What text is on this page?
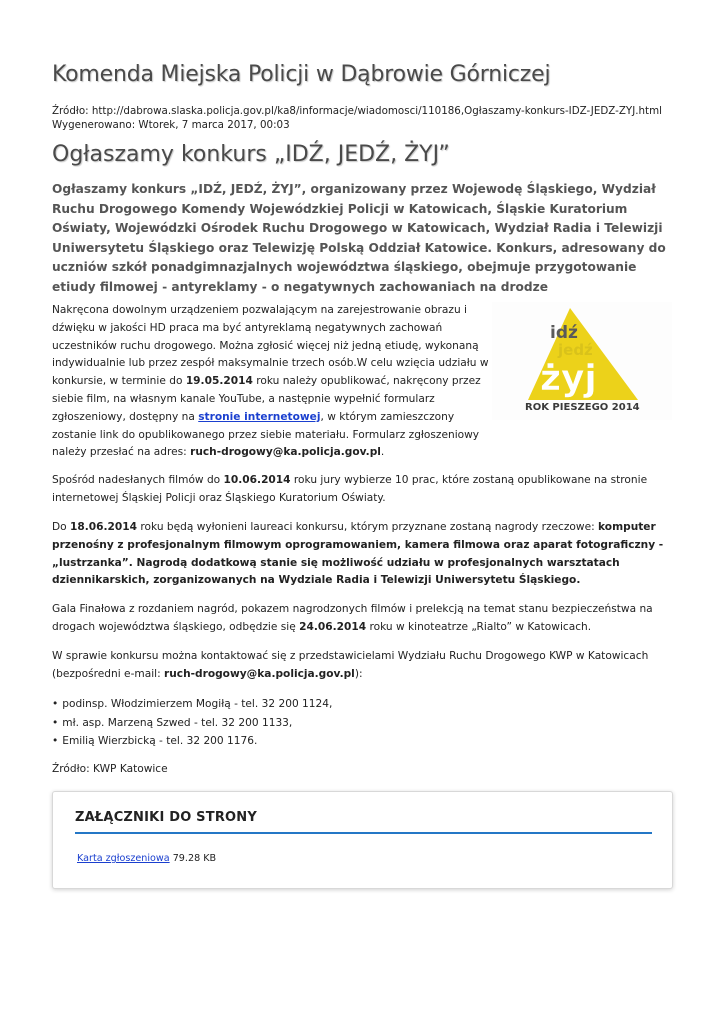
Komenda Miejska Policji w Dąbrowie Górniczej
Źródło: http://dabrowa.slaska.policja.gov.pl/ka8/informacje/wiadomosci/110186,Ogłaszamy-konkurs-IDZ-JEDZ-ZYJ.html
Wygenerowano: Wtorek, 7 marca 2017, 00:03
Ogłaszamy konkurs „IDŹ, JEDŹ, ŻYJ”

Ogłaszamy konkurs „IDŹ, JEDŹ, ŻYJ”, organizowany przez Wojewodę Śląskiego, Wydział Ruchu Drogowego Komendy Wojewódzkiej Policji w Katowicach, Śląskie Kuratorium Oświaty, Wojewódzki Ośrodek Ruchu Drogowego w Katowicach, Wydział Radia i Telewizji Uniwersytetu Śląskiego oraz Telewizję Polską Oddział Katowice. Konkurs, adresowany do uczniów szkół ponadgimnazjalnych województwa śląskiego, obejmuje przygotowanie etiudy filmowej - antyreklamy - o negatywnych zachowaniach na drodze

Nakręcona dowolnym urządzeniem pozwalającym na zarejestrowanie obrazu i dźwięku w jakości HD praca ma być antyreklamą negatywnych zachowań uczestników ruchu drogowego. Można zgłosić więcej niż jedną etiudę, wykonaną indywidualnie lub przez zespół maksymalnie trzech osób.W celu wzięcia udziału w konkursie, w terminie do 19.05.2014 roku należy opublikować, nakręcony przez siebie film, na własnym kanale YouTube, a następnie wypełnić formularz zgłoszeniowy, dostępny na stronie internetowej, w którym zamieszczony zostanie link do opublikowanego przez siebie materiału. Formularz zgłoszeniowy należy przesłać na adres: ruch-drogowy@ka.policja.gov.pl.

idź
jedź
żyj
ROK PIESZEGO 2014

Spośród nadesłanych filmów do 10.06.2014 roku jury wybierze 10 prac, które zostaną opublikowane na stronie internetowej Śląskiej Policji oraz Śląskiego Kuratorium Oświaty.

Do 18.06.2014 roku będą wyłonieni laureaci konkursu, którym przyznane zostaną nagrody rzeczowe: komputer przenośny z profesjonalnym filmowym oprogramowaniem, kamera filmowa oraz aparat fotograficzny - „lustrzanka”. Nagrodą dodatkową stanie się możliwość udziału w profesjonalnych warsztatach dziennikarskich, zorganizowanych na Wydziale Radia i Telewizji Uniwersytetu Śląskiego.

Gala Finałowa z rozdaniem nagród, pokazem nagrodzonych filmów i prelekcją na temat stanu bezpieczeństwa na drogach województwa śląskiego, odbędzie się 24.06.2014 roku w kinoteatrze „Rialto” w Katowicach.

W sprawie konkursu można kontaktować się z przedstawicielami Wydziału Ruchu Drogowego KWP w Katowicach (bezpośredni e-mail: ruch-drogowy@ka.policja.gov.pl):

• podinsp. Włodzimierzem Mogiłą - tel. 32 200 1124,
• mł. asp. Marzeną Szwed - tel. 32 200 1133,
• Emilią Wierzbicką - tel. 32 200 1176.

Źródło: KWP Katowice

ZAŁĄCZNIKI DO STRONY
Karta zgłoszeniowa 79.28 KB
